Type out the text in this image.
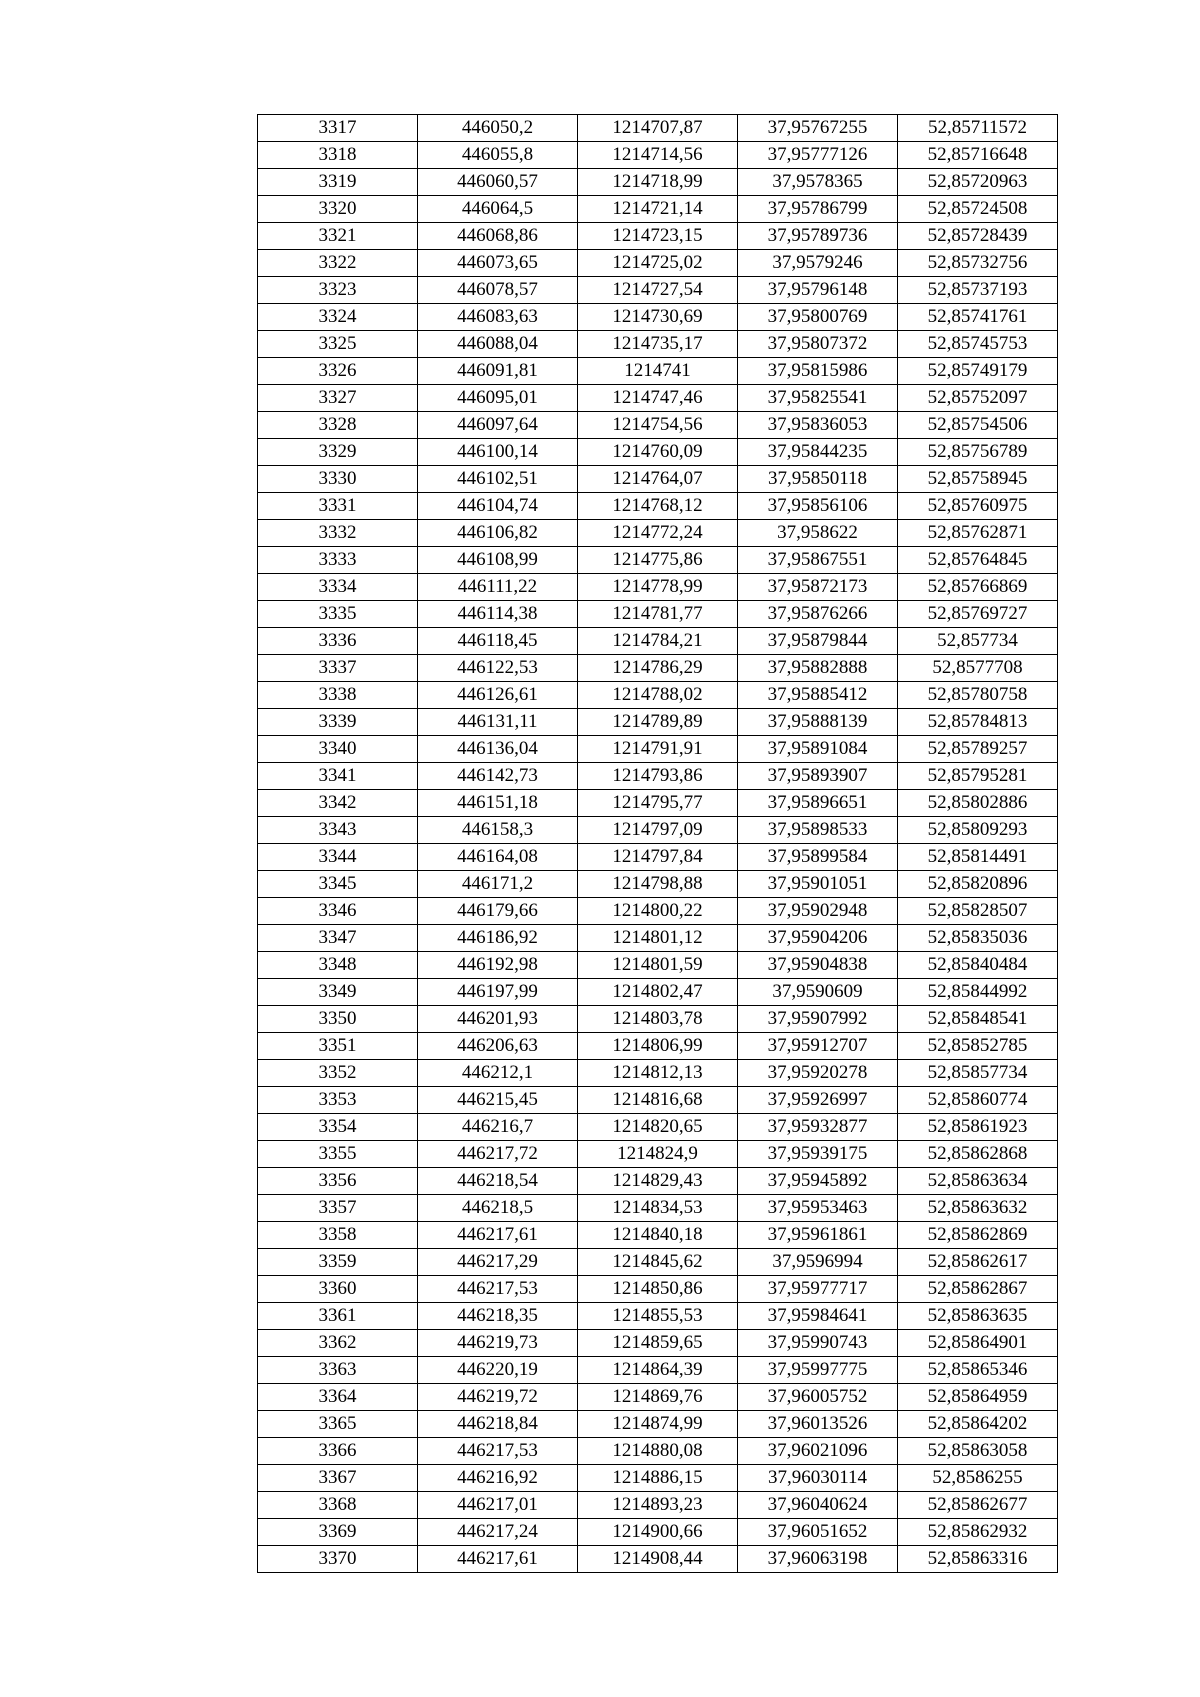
3317	446050,2	1214707,87	37,95767255	52,85711572
3318	446055,8	1214714,56	37,95777126	52,85716648
3319	446060,57	1214718,99	37,9578365	52,85720963
3320	446064,5	1214721,14	37,95786799	52,85724508
3321	446068,86	1214723,15	37,95789736	52,85728439
3322	446073,65	1214725,02	37,9579246	52,85732756
3323	446078,57	1214727,54	37,95796148	52,85737193
3324	446083,63	1214730,69	37,95800769	52,85741761
3325	446088,04	1214735,17	37,95807372	52,85745753
3326	446091,81	1214741	37,95815986	52,85749179
3327	446095,01	1214747,46	37,95825541	52,85752097
3328	446097,64	1214754,56	37,95836053	52,85754506
3329	446100,14	1214760,09	37,95844235	52,85756789
3330	446102,51	1214764,07	37,95850118	52,85758945
3331	446104,74	1214768,12	37,95856106	52,85760975
3332	446106,82	1214772,24	37,958622	52,85762871
3333	446108,99	1214775,86	37,95867551	52,85764845
3334	446111,22	1214778,99	37,95872173	52,85766869
3335	446114,38	1214781,77	37,95876266	52,85769727
3336	446118,45	1214784,21	37,95879844	52,857734
3337	446122,53	1214786,29	37,95882888	52,8577708
3338	446126,61	1214788,02	37,95885412	52,85780758
3339	446131,11	1214789,89	37,95888139	52,85784813
3340	446136,04	1214791,91	37,95891084	52,85789257
3341	446142,73	1214793,86	37,95893907	52,85795281
3342	446151,18	1214795,77	37,95896651	52,85802886
3343	446158,3	1214797,09	37,95898533	52,85809293
3344	446164,08	1214797,84	37,95899584	52,85814491
3345	446171,2	1214798,88	37,95901051	52,85820896
3346	446179,66	1214800,22	37,95902948	52,85828507
3347	446186,92	1214801,12	37,95904206	52,85835036
3348	446192,98	1214801,59	37,95904838	52,85840484
3349	446197,99	1214802,47	37,9590609	52,85844992
3350	446201,93	1214803,78	37,95907992	52,85848541
3351	446206,63	1214806,99	37,95912707	52,85852785
3352	446212,1	1214812,13	37,95920278	52,85857734
3353	446215,45	1214816,68	37,95926997	52,85860774
3354	446216,7	1214820,65	37,95932877	52,85861923
3355	446217,72	1214824,9	37,95939175	52,85862868
3356	446218,54	1214829,43	37,95945892	52,85863634
3357	446218,5	1214834,53	37,95953463	52,85863632
3358	446217,61	1214840,18	37,95961861	52,85862869
3359	446217,29	1214845,62	37,9596994	52,85862617
3360	446217,53	1214850,86	37,95977717	52,85862867
3361	446218,35	1214855,53	37,95984641	52,85863635
3362	446219,73	1214859,65	37,95990743	52,85864901
3363	446220,19	1214864,39	37,95997775	52,85865346
3364	446219,72	1214869,76	37,96005752	52,85864959
3365	446218,84	1214874,99	37,96013526	52,85864202
3366	446217,53	1214880,08	37,96021096	52,85863058
3367	446216,92	1214886,15	37,96030114	52,8586255
3368	446217,01	1214893,23	37,96040624	52,85862677
3369	446217,24	1214900,66	37,96051652	52,85862932
3370	446217,61	1214908,44	37,96063198	52,85863316
